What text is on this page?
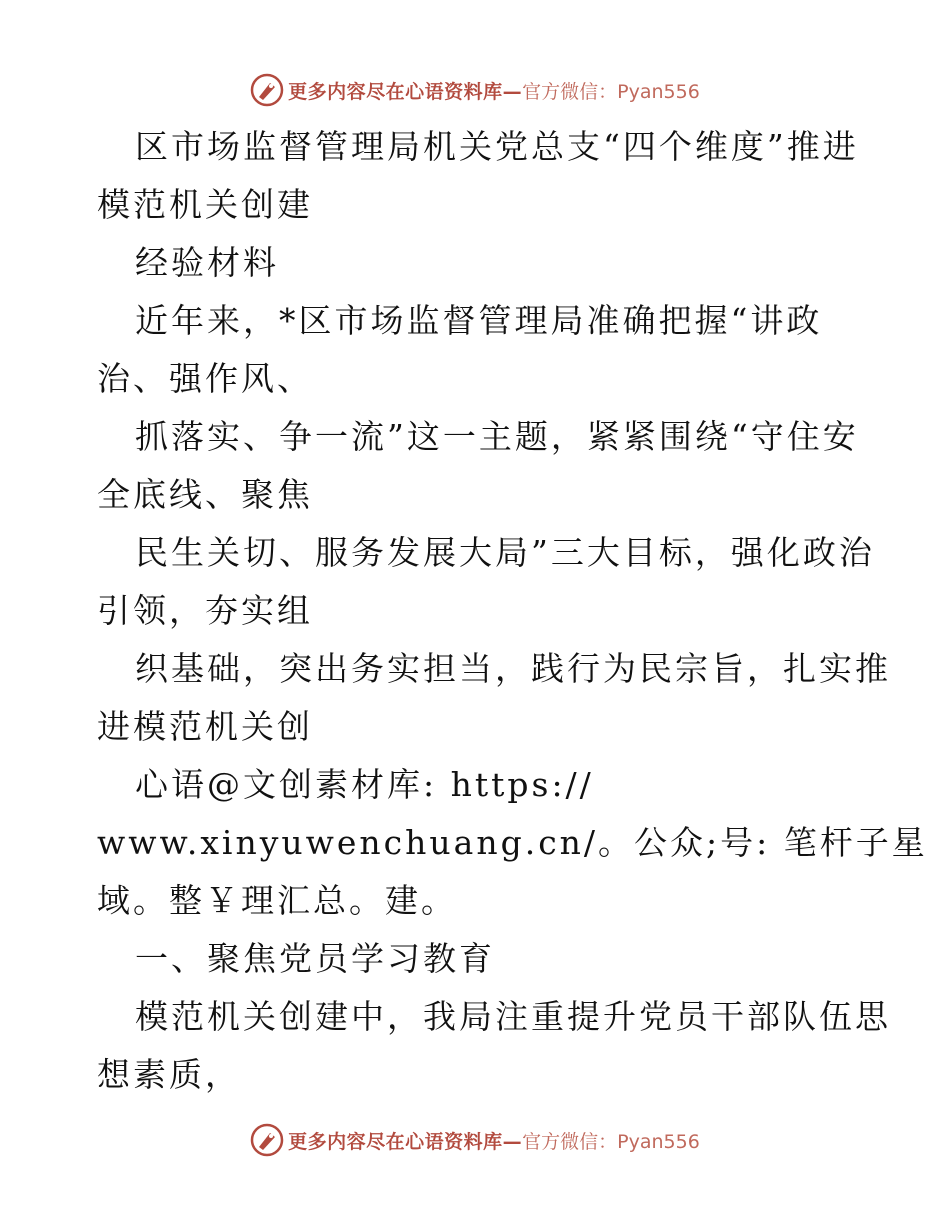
更多内容尽在心语资料库— 官方微信：Pyan556
区市场监督管理局机关党总支“四个维度”推进
模范机关创建
经验材料
近年来，*区市场监督管理局准确把握“讲政
治、强作风、
抓落实、争一流”这一主题，紧紧围绕“守住安
全底线、聚焦
民生关切、服务发展大局”三大目标，强化政治
引领，夯实组
织基础，突出务实担当，践行为民宗旨，扎实推
进模范机关创
心语@文创素材库: https://
www.xinyuwenchuang.cn/。公众;号: 笔杆子星
域。整￥理汇总。建。
一、聚焦党员学习教育
模范机关创建中，我局注重提升党员干部队伍思
想素质，
更多内容尽在心语资料库— 官方微信：Pyan556
